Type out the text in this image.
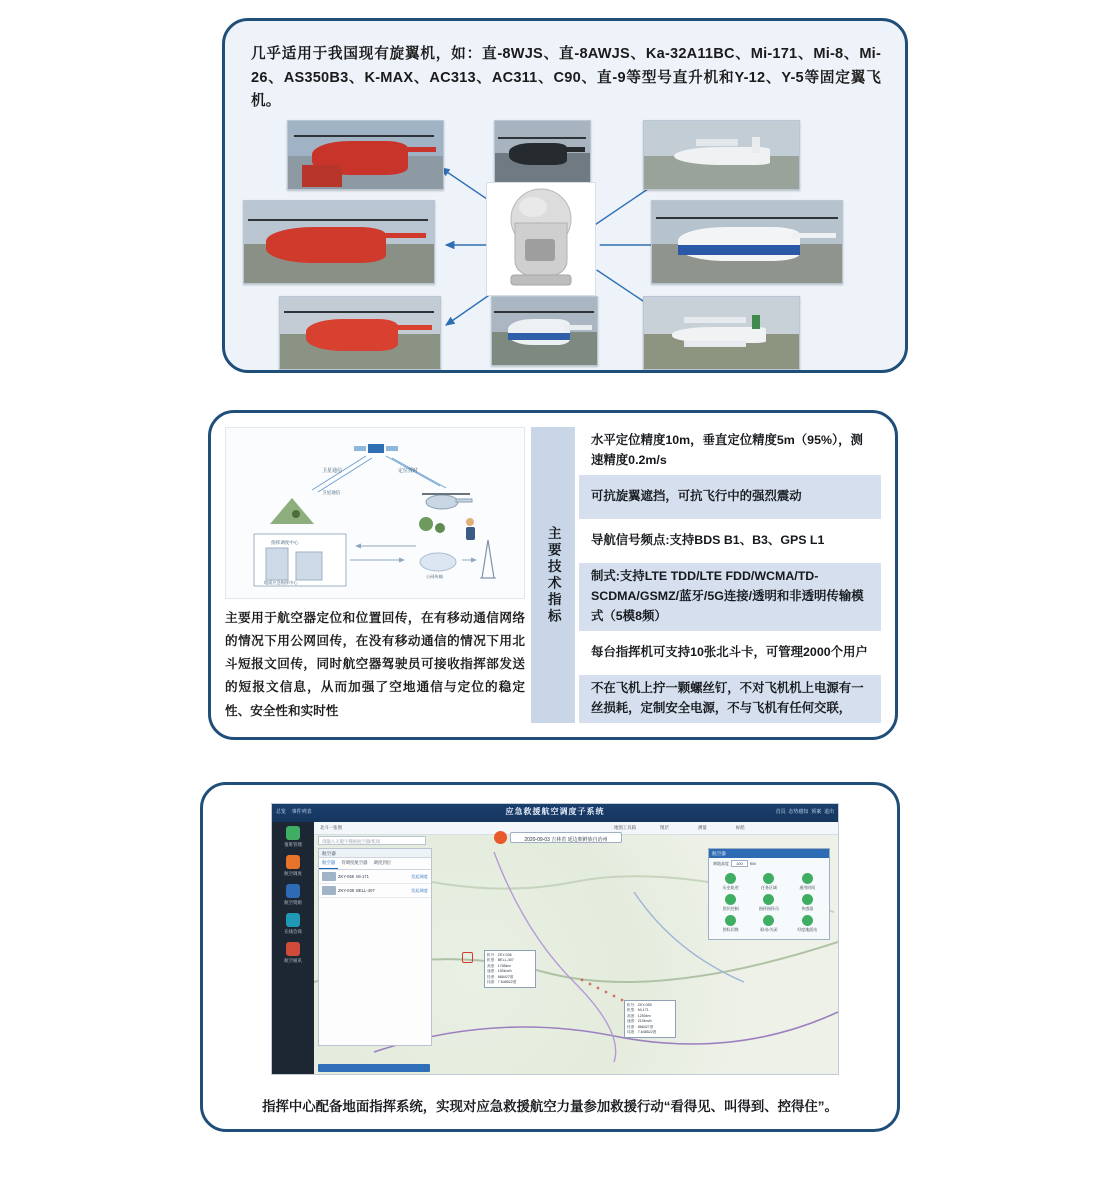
几乎适用于我国现有旋翼机，如：直-8WJS、直-8AWJS、Ka-32A11BC、Mi-171、Mi-8、Mi-26、AS350B3、K-MAX、AC313、AC311、C90、直-9等型号直升机和Y-12、Y-5等固定翼飞机。
卫星通信	定位授时
指挥调度中心
地面应急指挥中心
公网传输
卫星通信
主要用于航空器定位和位置回传，在有移动通信网络的情况下用公网回传，在没有移动通信的情况下用北斗短报文回传，同时航空器驾驶员可接收指挥部发送的短报文信息，从而加强了空地通信与定位的稳定性、安全性和实时性
主要技术指标
水平定位精度10m，垂直定位精度5m（95%），测速精度0.2m/s
可抗旋翼遮挡，可抗飞行中的强烈震动
导航信号频点:支持BDS B1、B3、GPS L1
制式:支持LTE TDD/LTE FDD/WCMA/TD-SCDMA/GSMZ/蓝牙/5G连接/透明和非透明传输模式（5模8频）
每台指挥机可支持10张北斗卡，可管理2000个用户
不在飞机上拧一颗螺丝钉，不对飞机机上电源有一丝损耗，定制安全电源，不与飞机有任何交联，
总览 事件列表	应急救援航空调度子系统	首页 态势感知 预案 退出
值班管理
航空调度
航空资源
在线会商
航空通讯
北斗一张图	地图工具箱	图层	测量	标绘
请输入关键字搜索航空器/机场
航空器
航空器	待调度航空器	调度到位
ZKY-055 Mi-171	发起调度
ZKY-038 BELL-407	发起调度
2020-09-03 吉林省 延边朝鲜族自治州
航空器
离地高度	100	KM
历史轨迹	任务区域	通用时间
图层控制	指挥指挥员	传感器
图标切换	联动/关闭	经度地面站
机号：ZKY-036
机型：BELL-407
高度：1785km
速度：150km/h
经度：868427度
纬度：7.648522度
机号：ZKY-055
机型：Mi-171
高度：1250km
速度：210km/h
经度：868427度
纬度：7.648522度
指挥中心配备地面指挥系统，实现对应急救援航空力量参加救援行动“看得见、叫得到、控得住”。
